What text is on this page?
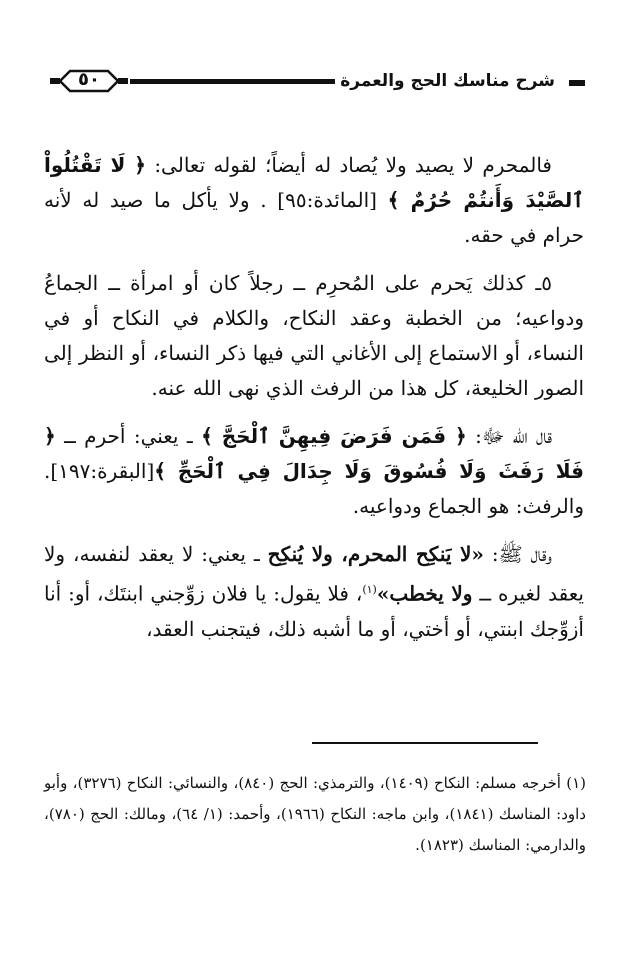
شرح مناسك الحج والعمرة
٥٠

فالمحرم لا يصيد ولا يُصاد له أيضاً؛ لقوله تعالى: ﴿ لَا تَقْتُلُواْ ٱلصَّيْدَ وَأَنتُمْ حُرُمٌ ﴾ [المائدة:٩٥] . ولا يأكل ما صيد له لأنه حرام في حقه.

٥ـ كذلك يَحرم على المُحرِم ــ رجلاً كان أو امرأة ــ الجماعُ ودواعيه؛ من الخطبة وعقد النكاح، والكلام في النكاح أو في النساء، أو الاستماع إلى الأغاني التي فيها ذكر النساء، أو النظر إلى الصور الخليعة، كل هذا من الرفث الذي نهى الله عنه.

قال الله ﷻ: ﴿ فَمَن فَرَضَ فِيهِنَّ ٱلْحَجَّ ﴾ ـ يعني: أحرم ــ ﴿ فَلَا رَفَثَ وَلَا فُسُوقَ وَلَا جِدَالَ فِي ٱلْحَجِّ ﴾[البقرة:١٩٧]. والرفث: هو الجماع ودواعيه.

وقال ﷺ: «لا يَنكِح المحرم، ولا يُنكِح ـ يعني: لا يعقد لنفسه، ولا يعقد لغيره ــ ولا يخطب»$^{(١)}$، فلا يقول: يا فلان زوِّجني ابنتَك، أو: أنا أزوِّجك ابنتي، أو أختي، أو ما أشبه ذلك، فيتجنب العقد،

(١) أخرجه مسلم: النكاح (١٤٠٩)، والترمذي: الحج (٨٤٠)، والنسائي: النكاح (٣٢٧٦)، وأبو داود: المناسك (١٨٤١)، وابن ماجه: النكاح (١٩٦٦)، وأحمد: (١/ ٦٤)، ومالك: الحج (٧٨٠)، والدارمي: المناسك (١٨٢٣).
